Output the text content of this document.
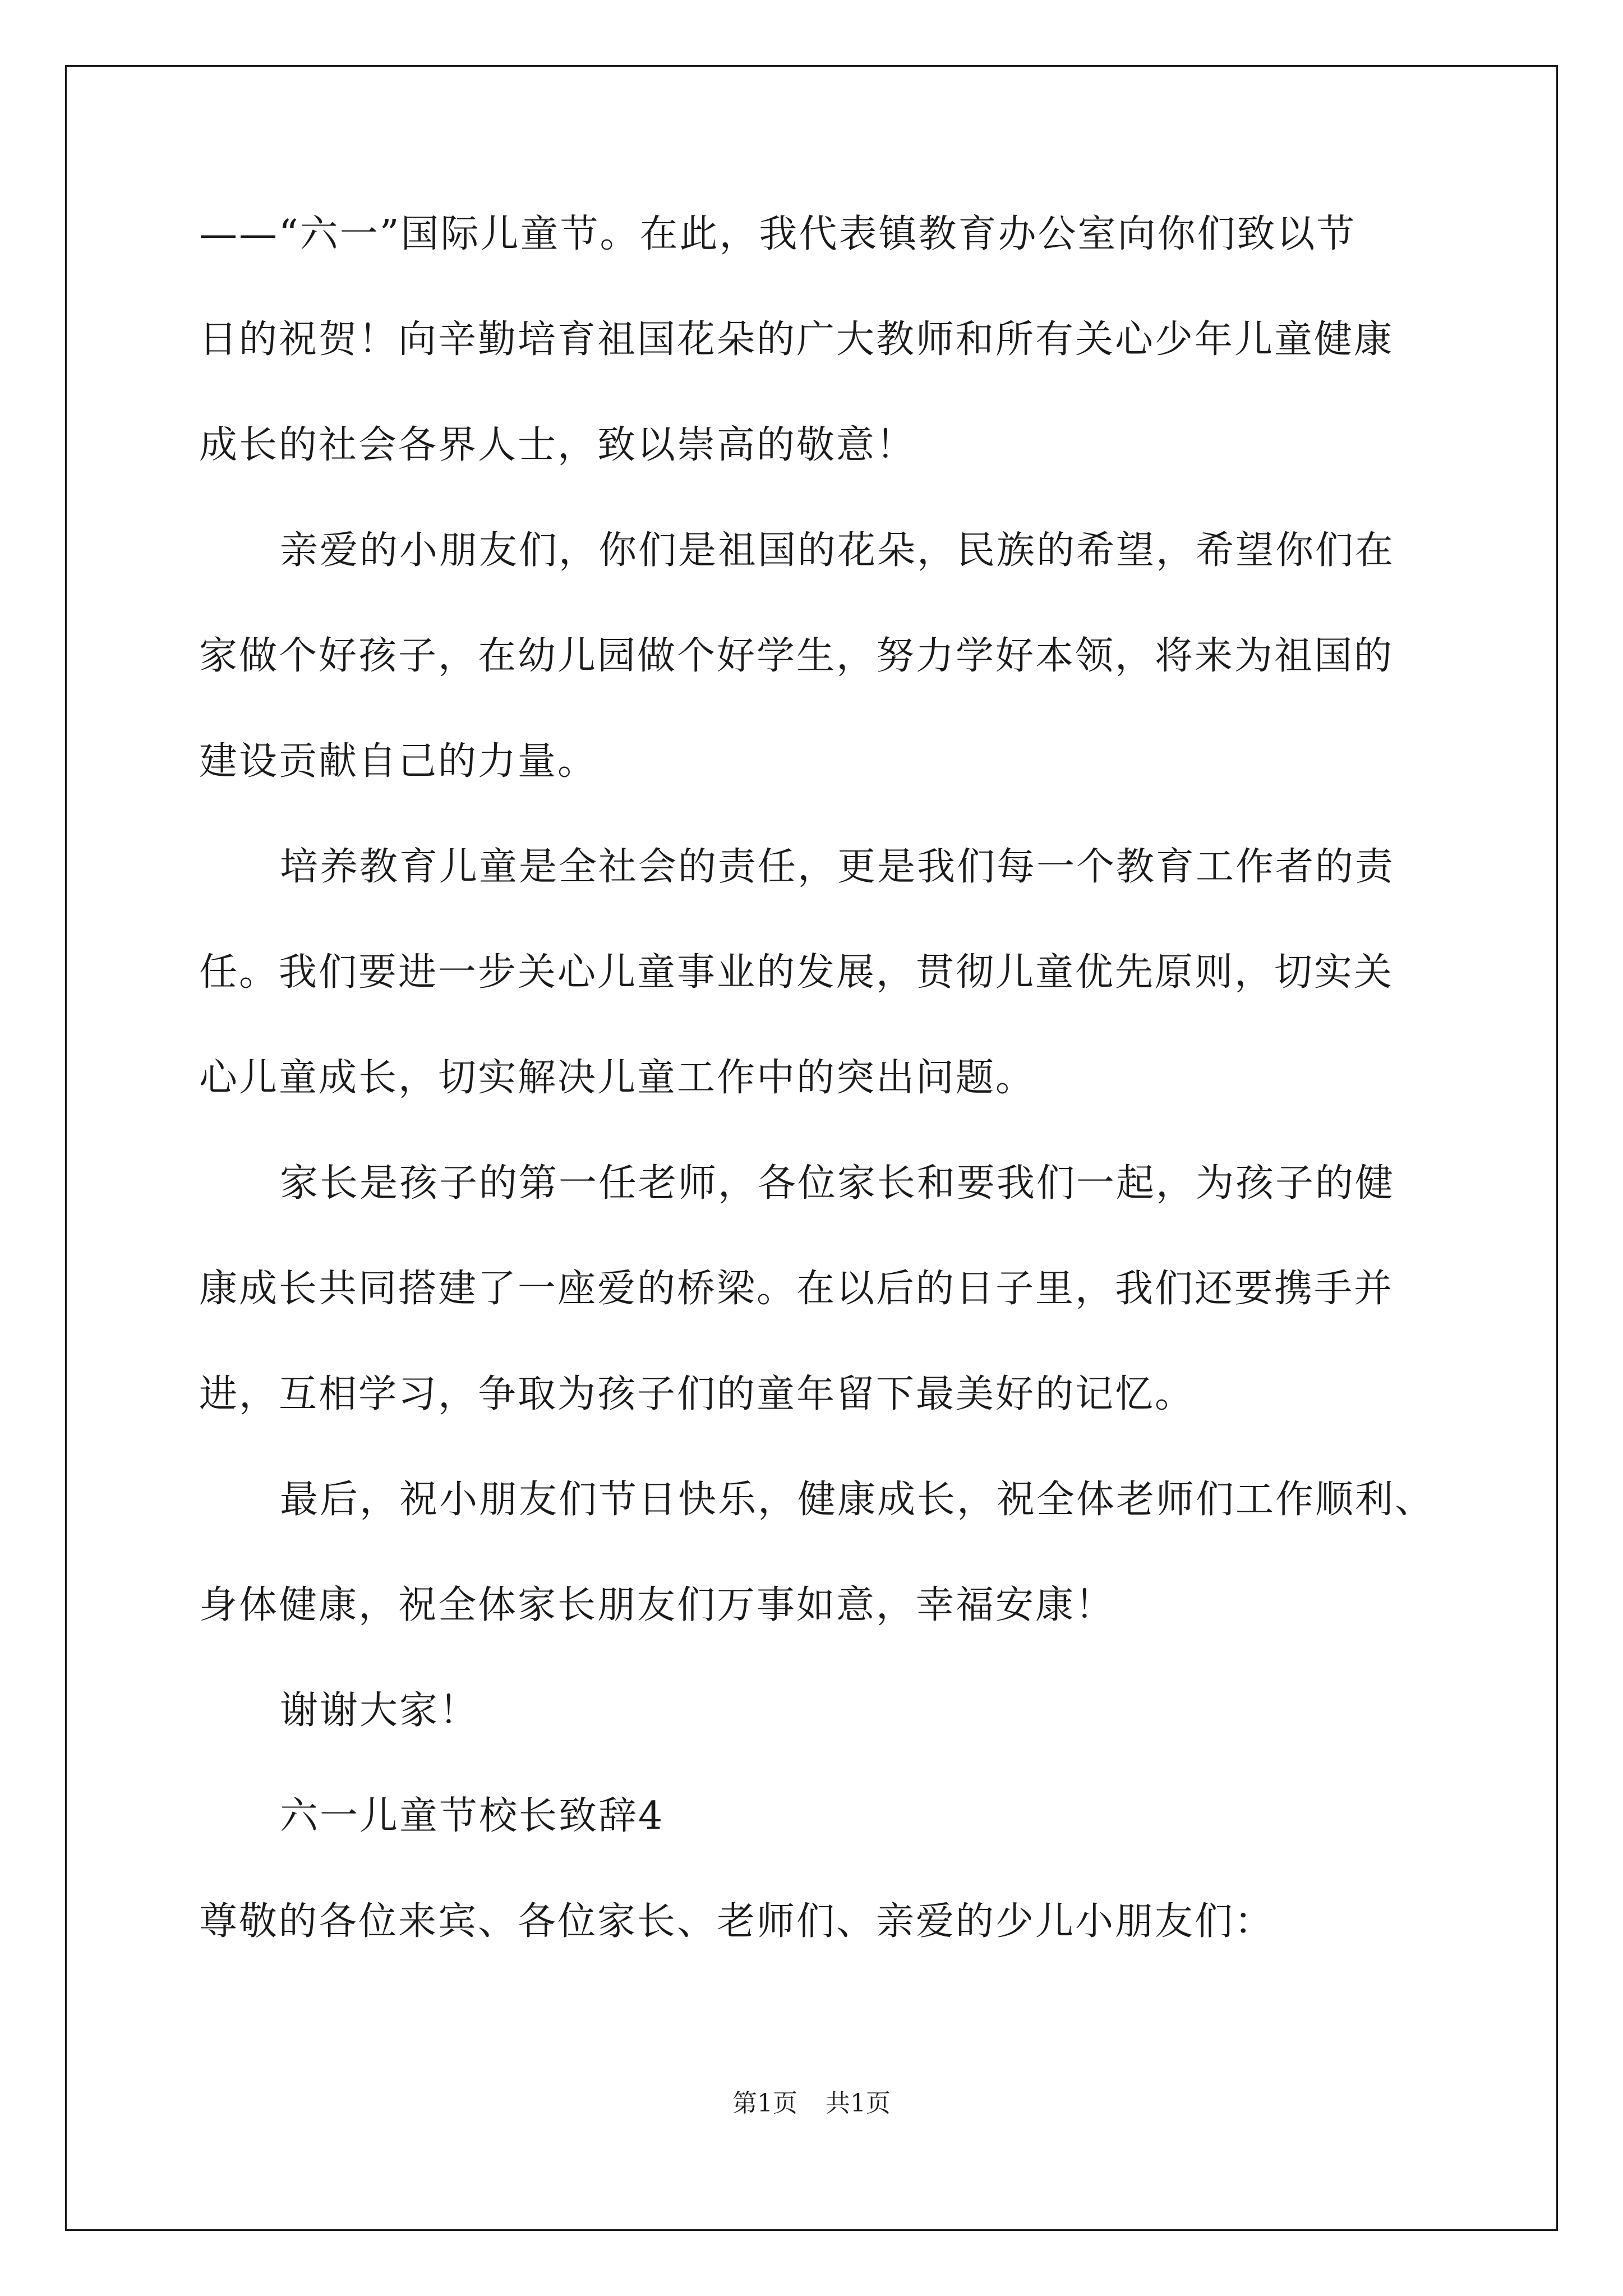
——“六一”国际儿童节。在此，我代表镇教育办公室向你们致以节
日的祝贺！向辛勤培育祖国花朵的广大教师和所有关心少年儿童健康
成长的社会各界人士，致以崇高的敬意！
亲爱的小朋友们，你们是祖国的花朵，民族的希望，希望你们在
家做个好孩子，在幼儿园做个好学生，努力学好本领，将来为祖国的
建设贡献自己的力量。
培养教育儿童是全社会的责任，更是我们每一个教育工作者的责
任。我们要进一步关心儿童事业的发展，贯彻儿童优先原则，切实关
心儿童成长，切实解决儿童工作中的突出问题。
家长是孩子的第一任老师，各位家长和要我们一起，为孩子的健
康成长共同搭建了一座爱的桥梁。在以后的日子里，我们还要携手并
进，互相学习，争取为孩子们的童年留下最美好的记忆。
最后，祝小朋友们节日快乐，健康成长，祝全体老师们工作顺利、
身体健康，祝全体家长朋友们万事如意，幸福安康！
谢谢大家！
六一儿童节校长致辞4
尊敬的各位来宾、各位家长、老师们、亲爱的少儿小朋友们：
第1页 共1页
